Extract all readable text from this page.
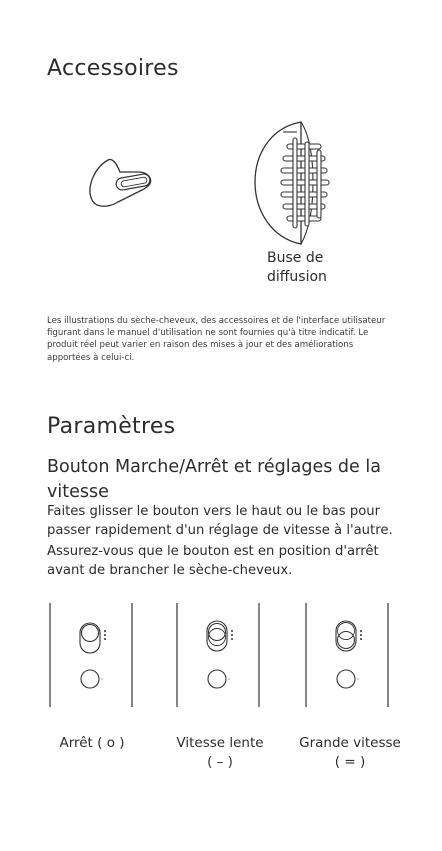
Accessoires
Buse de
diffusion
Les illustrations du sèche-cheveux, des accessoires et de l'interface utilisateur
figurant dans le manuel d'utilisation ne sont fournies qu'à titre indicatif. Le
produit réel peut varier en raison des mises à jour et des améliorations
apportées à celui-ci.
Paramètres
Bouton Marche/Arrêt et réglages de la
vitesse
Faites glisser le bouton vers le haut ou le bas pour
passer rapidement d'un réglage de vitesse à l'autre.
Assurez-vous que le bouton est en position d'arrêt
avant de brancher le sèche-cheveux.
Arrêt ( o )	Vitesse lente
( – )
Grande vitesse
( = )
